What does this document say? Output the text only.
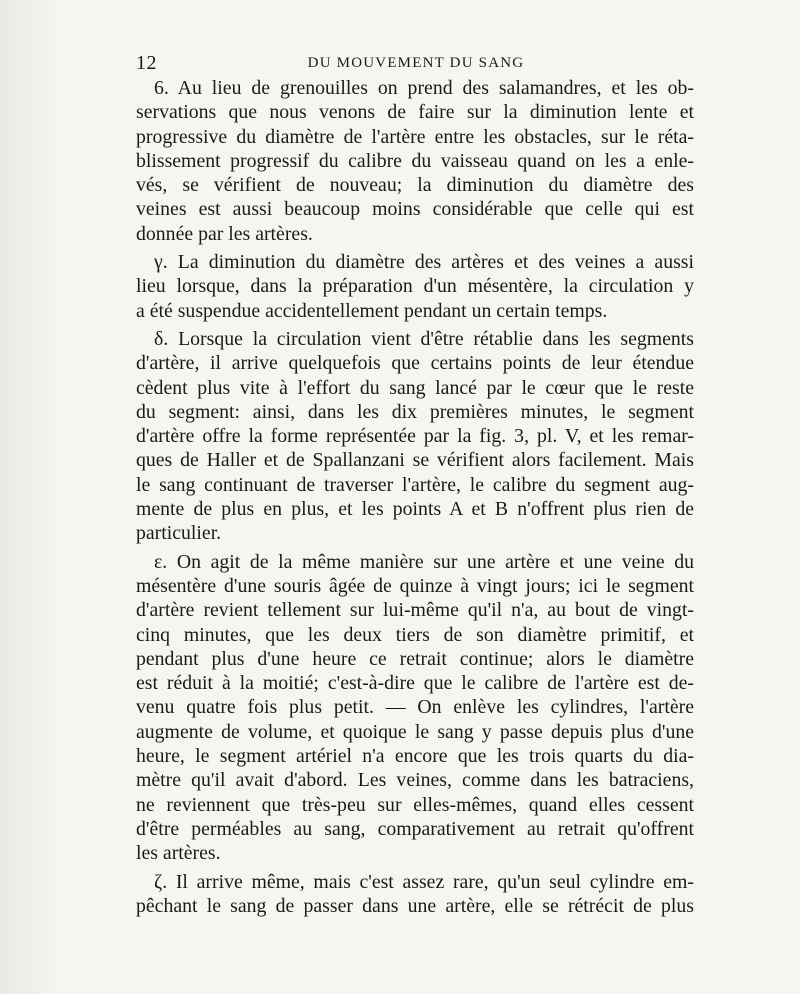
12	DU MOUVEMENT DU SANG
6. Au lieu de grenouilles on prend des salamandres, et les ob-
servations que nous venons de faire sur la diminution lente et
progressive du diamètre de l'artère entre les obstacles, sur le réta-
blissement progressif du calibre du vaisseau quand on les a enle-
vés, se vérifient de nouveau; la diminution du diamètre des
veines est aussi beaucoup moins considérable que celle qui est
donnée par les artères.
γ. La diminution du diamètre des artères et des veines a aussi
lieu lorsque, dans la préparation d'un mésentère, la circulation y
a été suspendue accidentellement pendant un certain temps.
δ. Lorsque la circulation vient d'être rétablie dans les segments
d'artère, il arrive quelquefois que certains points de leur étendue
cèdent plus vite à l'effort du sang lancé par le cœur que le reste
du segment: ainsi, dans les dix premières minutes, le segment
d'artère offre la forme représentée par la fig. 3, pl. V, et les remar-
ques de Haller et de Spallanzani se vérifient alors facilement. Mais
le sang continuant de traverser l'artère, le calibre du segment aug-
mente de plus en plus, et les points A et B n'offrent plus rien de
particulier.
ε. On agit de la même manière sur une artère et une veine du
mésentère d'une souris âgée de quinze à vingt jours; ici le segment
d'artère revient tellement sur lui-même qu'il n'a, au bout de vingt-
cinq minutes, que les deux tiers de son diamètre primitif, et
pendant plus d'une heure ce retrait continue; alors le diamètre
est réduit à la moitié; c'est-à-dire que le calibre de l'artère est de-
venu quatre fois plus petit. — On enlève les cylindres, l'artère
augmente de volume, et quoique le sang y passe depuis plus d'une
heure, le segment artériel n'a encore que les trois quarts du dia-
mètre qu'il avait d'abord. Les veines, comme dans les batraciens,
ne reviennent que très-peu sur elles-mêmes, quand elles cessent
d'être perméables au sang, comparativement au retrait qu'offrent
les artères.
ζ. Il arrive même, mais c'est assez rare, qu'un seul cylindre em-
pêchant le sang de passer dans une artère, elle se rétrécit de plus
